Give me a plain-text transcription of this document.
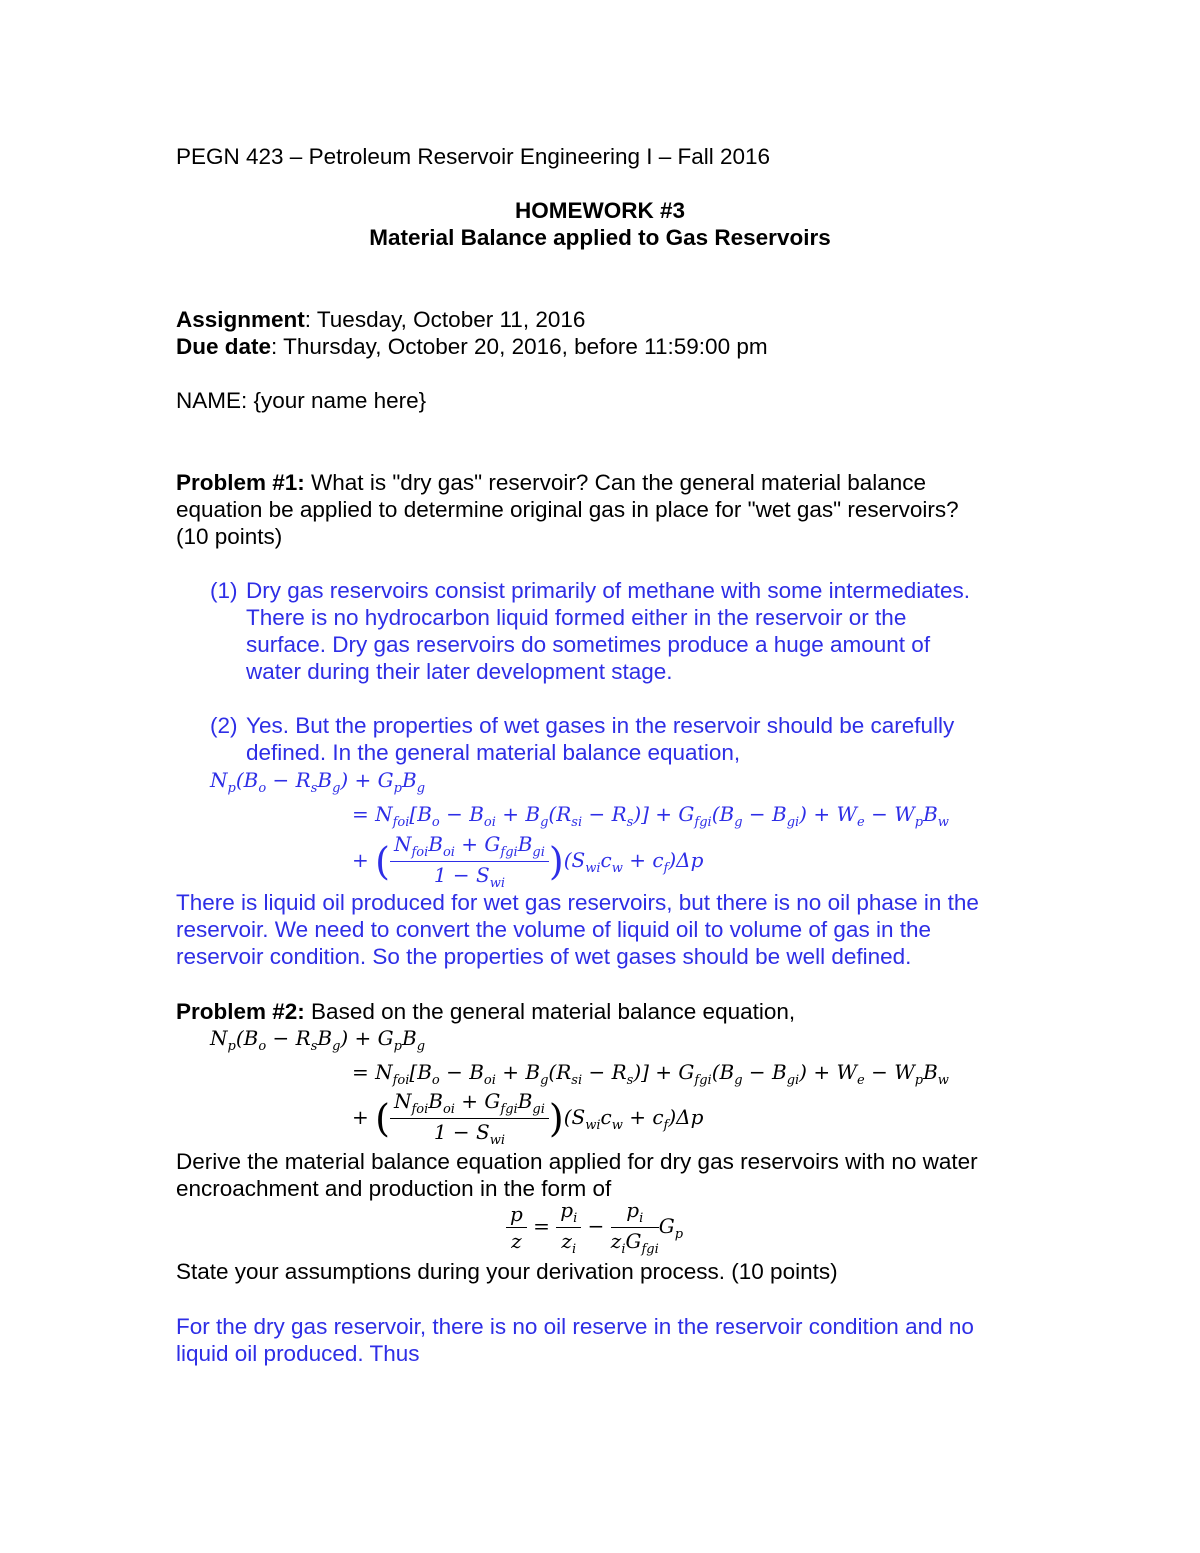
PEGN 423 – Petroleum Reservoir Engineering I – Fall 2016
HOMEWORK #3
Material Balance applied to Gas Reservoirs
Assignment: Tuesday, October 11, 2016
Due date: Thursday, October 20, 2016, before 11:59:00 pm
NAME: {your name here}
Problem #1: What is "dry gas" reservoir? Can the general material balance
equation be applied to determine original gas in place for "wet gas" reservoirs?
(10 points)
(1) Dry gas reservoirs consist primarily of methane with some intermediates.
There is no hydrocarbon liquid formed either in the reservoir or the
surface. Dry gas reservoirs do sometimes produce a huge amount of
water during their later development stage.
(2) Yes. But the properties of wet gases in the reservoir should be carefully
defined. In the general material balance equation,
$N_p(B_o - R_sB_g) + G_pB_g$
= $N_{foi}[B_o - B_{oi} + B_g(R_{si} - R_s)] + G_{fgi}(B_g - B_{gi}) + W_e - W_pB_w$
+ ( $\frac{N_{foi}B_{oi} + G_{fgi}B_{gi}}{1 - S_{wi}} )(S_{wi}c_w + c_f)\Delta p$
There is liquid oil produced for wet gas reservoirs, but there is no oil phase in the
reservoir. We need to convert the volume of liquid oil to volume of gas in the
reservoir condition. So the properties of wet gases should be well defined.
Problem #2: Based on the general material balance equation,
$N_p(B_o - R_sB_g) + G_pB_g$
= $N_{foi}[B_o - B_{oi} + B_g(R_{si} - R_s)] + G_{fgi}(B_g - B_{gi}) + W_e - W_pB_w$
+ ( $\frac{N_{foi}B_{oi} + G_{fgi}B_{gi}}{1 - S_{wi}} )(S_{wi}c_w + c_f)\Delta p$
Derive the material balance equation applied for dry gas reservoirs with no water
encroachment and production in the form of
$\frac{p}{z} = \frac{p_i}{z_i} - \frac{p_i}{z_iG_{fgi}} G_p$
State your assumptions during your derivation process. (10 points)
For the dry gas reservoir, there is no oil reserve in the reservoir condition and no
liquid oil produced. Thus
